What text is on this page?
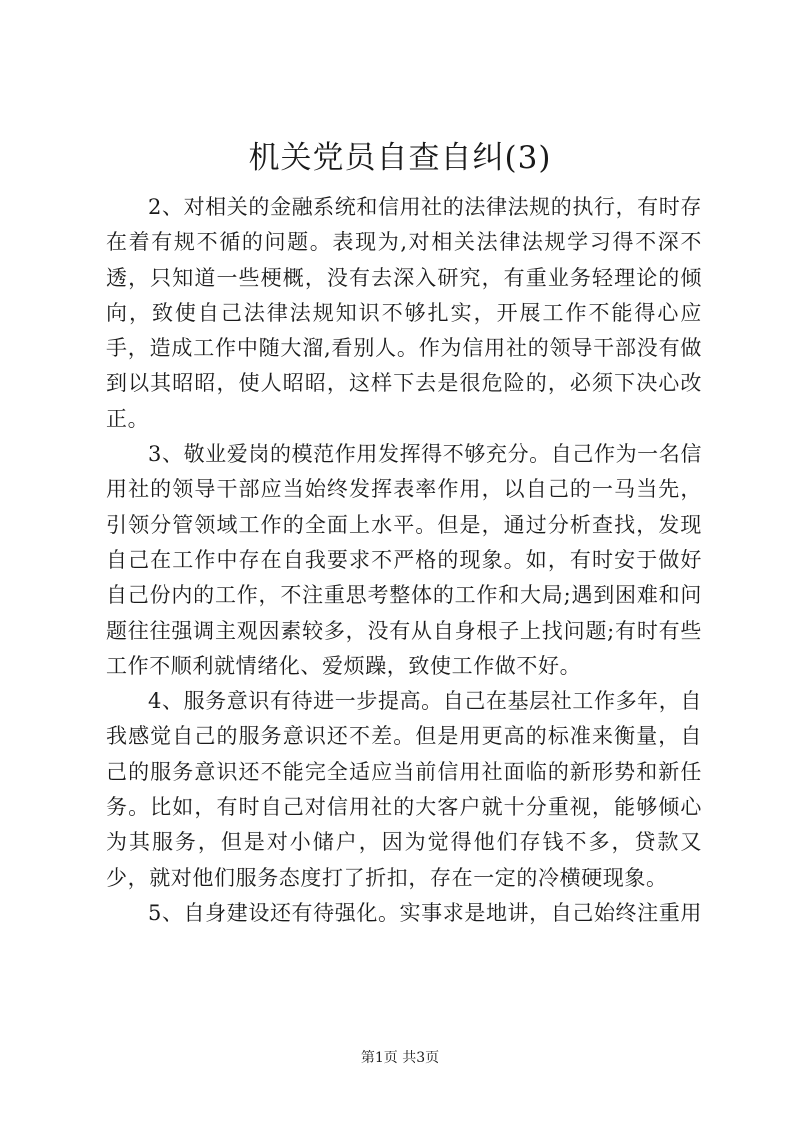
机关党员自查自纠(3)

2、对相关的金融系统和信用社的法律法规的执行，有时存在着有规不循的问题。表现为,对相关法律法规学习得不深不透，只知道一些梗概，没有去深入研究，有重业务轻理论的倾向，致使自己法律法规知识不够扎实，开展工作不能得心应手，造成工作中随大溜,看别人。作为信用社的领导干部没有做到以其昭昭，使人昭昭，这样下去是很危险的，必须下决心改正。

3、敬业爱岗的模范作用发挥得不够充分。自己作为一名信用社的领导干部应当始终发挥表率作用，以自己的一马当先，引领分管领域工作的全面上水平。但是，通过分析查找，发现自己在工作中存在自我要求不严格的现象。如，有时安于做好自己份内的工作，不注重思考整体的工作和大局;遇到困难和问题往往强调主观因素较多，没有从自身根子上找问题;有时有些工作不顺利就情绪化、爱烦躁，致使工作做不好。

4、服务意识有待进一步提高。自己在基层社工作多年，自我感觉自己的服务意识还不差。但是用更高的标准来衡量，自己的服务意识还不能完全适应当前信用社面临的新形势和新任务。比如，有时自己对信用社的大客户就十分重视，能够倾心为其服务，但是对小储户，因为觉得他们存钱不多，贷款又少，就对他们服务态度打了折扣，存在一定的冷横硬现象。

5、自身建设还有待强化。实事求是地讲，自己始终注重用

第1页 共3页
